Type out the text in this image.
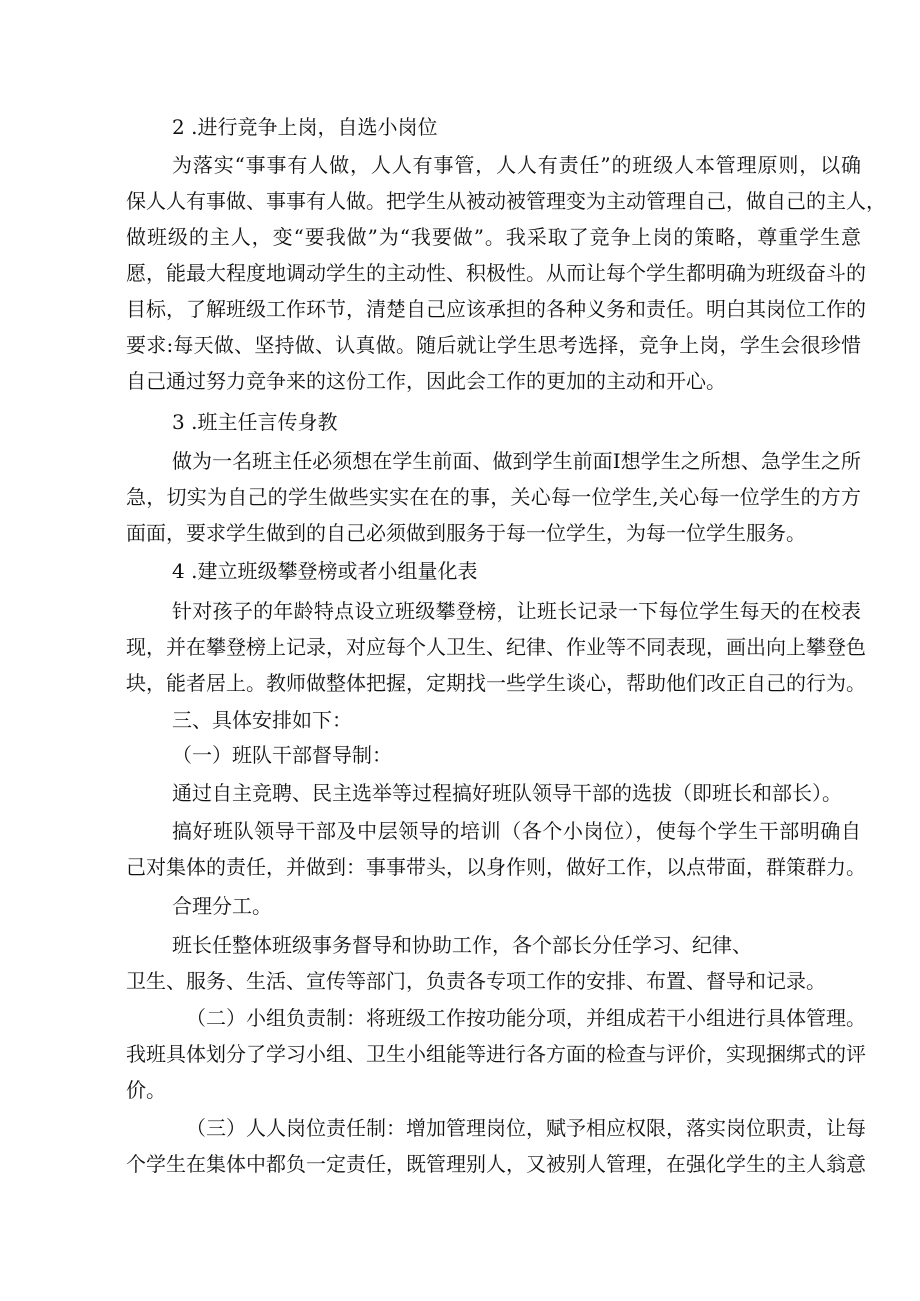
2 .进行竞争上岗，自选小岗位
为落实“事事有人做，人人有事管，人人有责任”的班级人本管理原则，以确
保人人有事做、事事有人做。把学生从被动被管理变为主动管理自己，做自己的主人，
做班级的主人，变“要我做”为“我要做”。我采取了竞争上岗的策略，尊重学生意
愿，能最大程度地调动学生的主动性、积极性。从而让每个学生都明确为班级奋斗的
目标，了解班级工作环节，清楚自己应该承担的各种义务和责任。明白其岗位工作的
要求:每天做、坚持做、认真做。随后就让学生思考选择，竞争上岗，学生会很珍惜
自己通过努力竞争来的这份工作，因此会工作的更加的主动和开心。
3 .班主任言传身教
做为一名班主任必须想在学生前面、做到学生前面I想学生之所想、急学生之所
急，切实为自己的学生做些实实在在的事，关心每一位学生,关心每一位学生的方方
面面，要求学生做到的自己必须做到服务于每一位学生，为每一位学生服务。
4 .建立班级攀登榜或者小组量化表
针对孩子的年龄特点设立班级攀登榜，让班长记录一下每位学生每天的在校表
现，并在攀登榜上记录，对应每个人卫生、纪律、作业等不同表现，画出向上攀登色
块，能者居上。教师做整体把握，定期找一些学生谈心，帮助他们改正自己的行为。
三、具体安排如下：
（一）班队干部督导制：
通过自主竞聘、民主选举等过程搞好班队领导干部的选拔（即班长和部长）。
搞好班队领导干部及中层领导的培训（各个小岗位），使每个学生干部明确自
己对集体的责任，并做到：事事带头，以身作则，做好工作，以点带面，群策群力。
合理分工。
班长任整体班级事务督导和协助工作，各个部长分任学习、纪律、
卫生、服务、生活、宣传等部门，负责各专项工作的安排、布置、督导和记录。
（二）小组负责制：将班级工作按功能分项，并组成若干小组进行具体管理。
我班具体划分了学习小组、卫生小组能等进行各方面的检查与评价，实现捆绑式的评
价。
（三）人人岗位责任制：增加管理岗位，赋予相应权限，落实岗位职责，让每
个学生在集体中都负一定责任，既管理别人，又被别人管理，在强化学生的主人翁意
